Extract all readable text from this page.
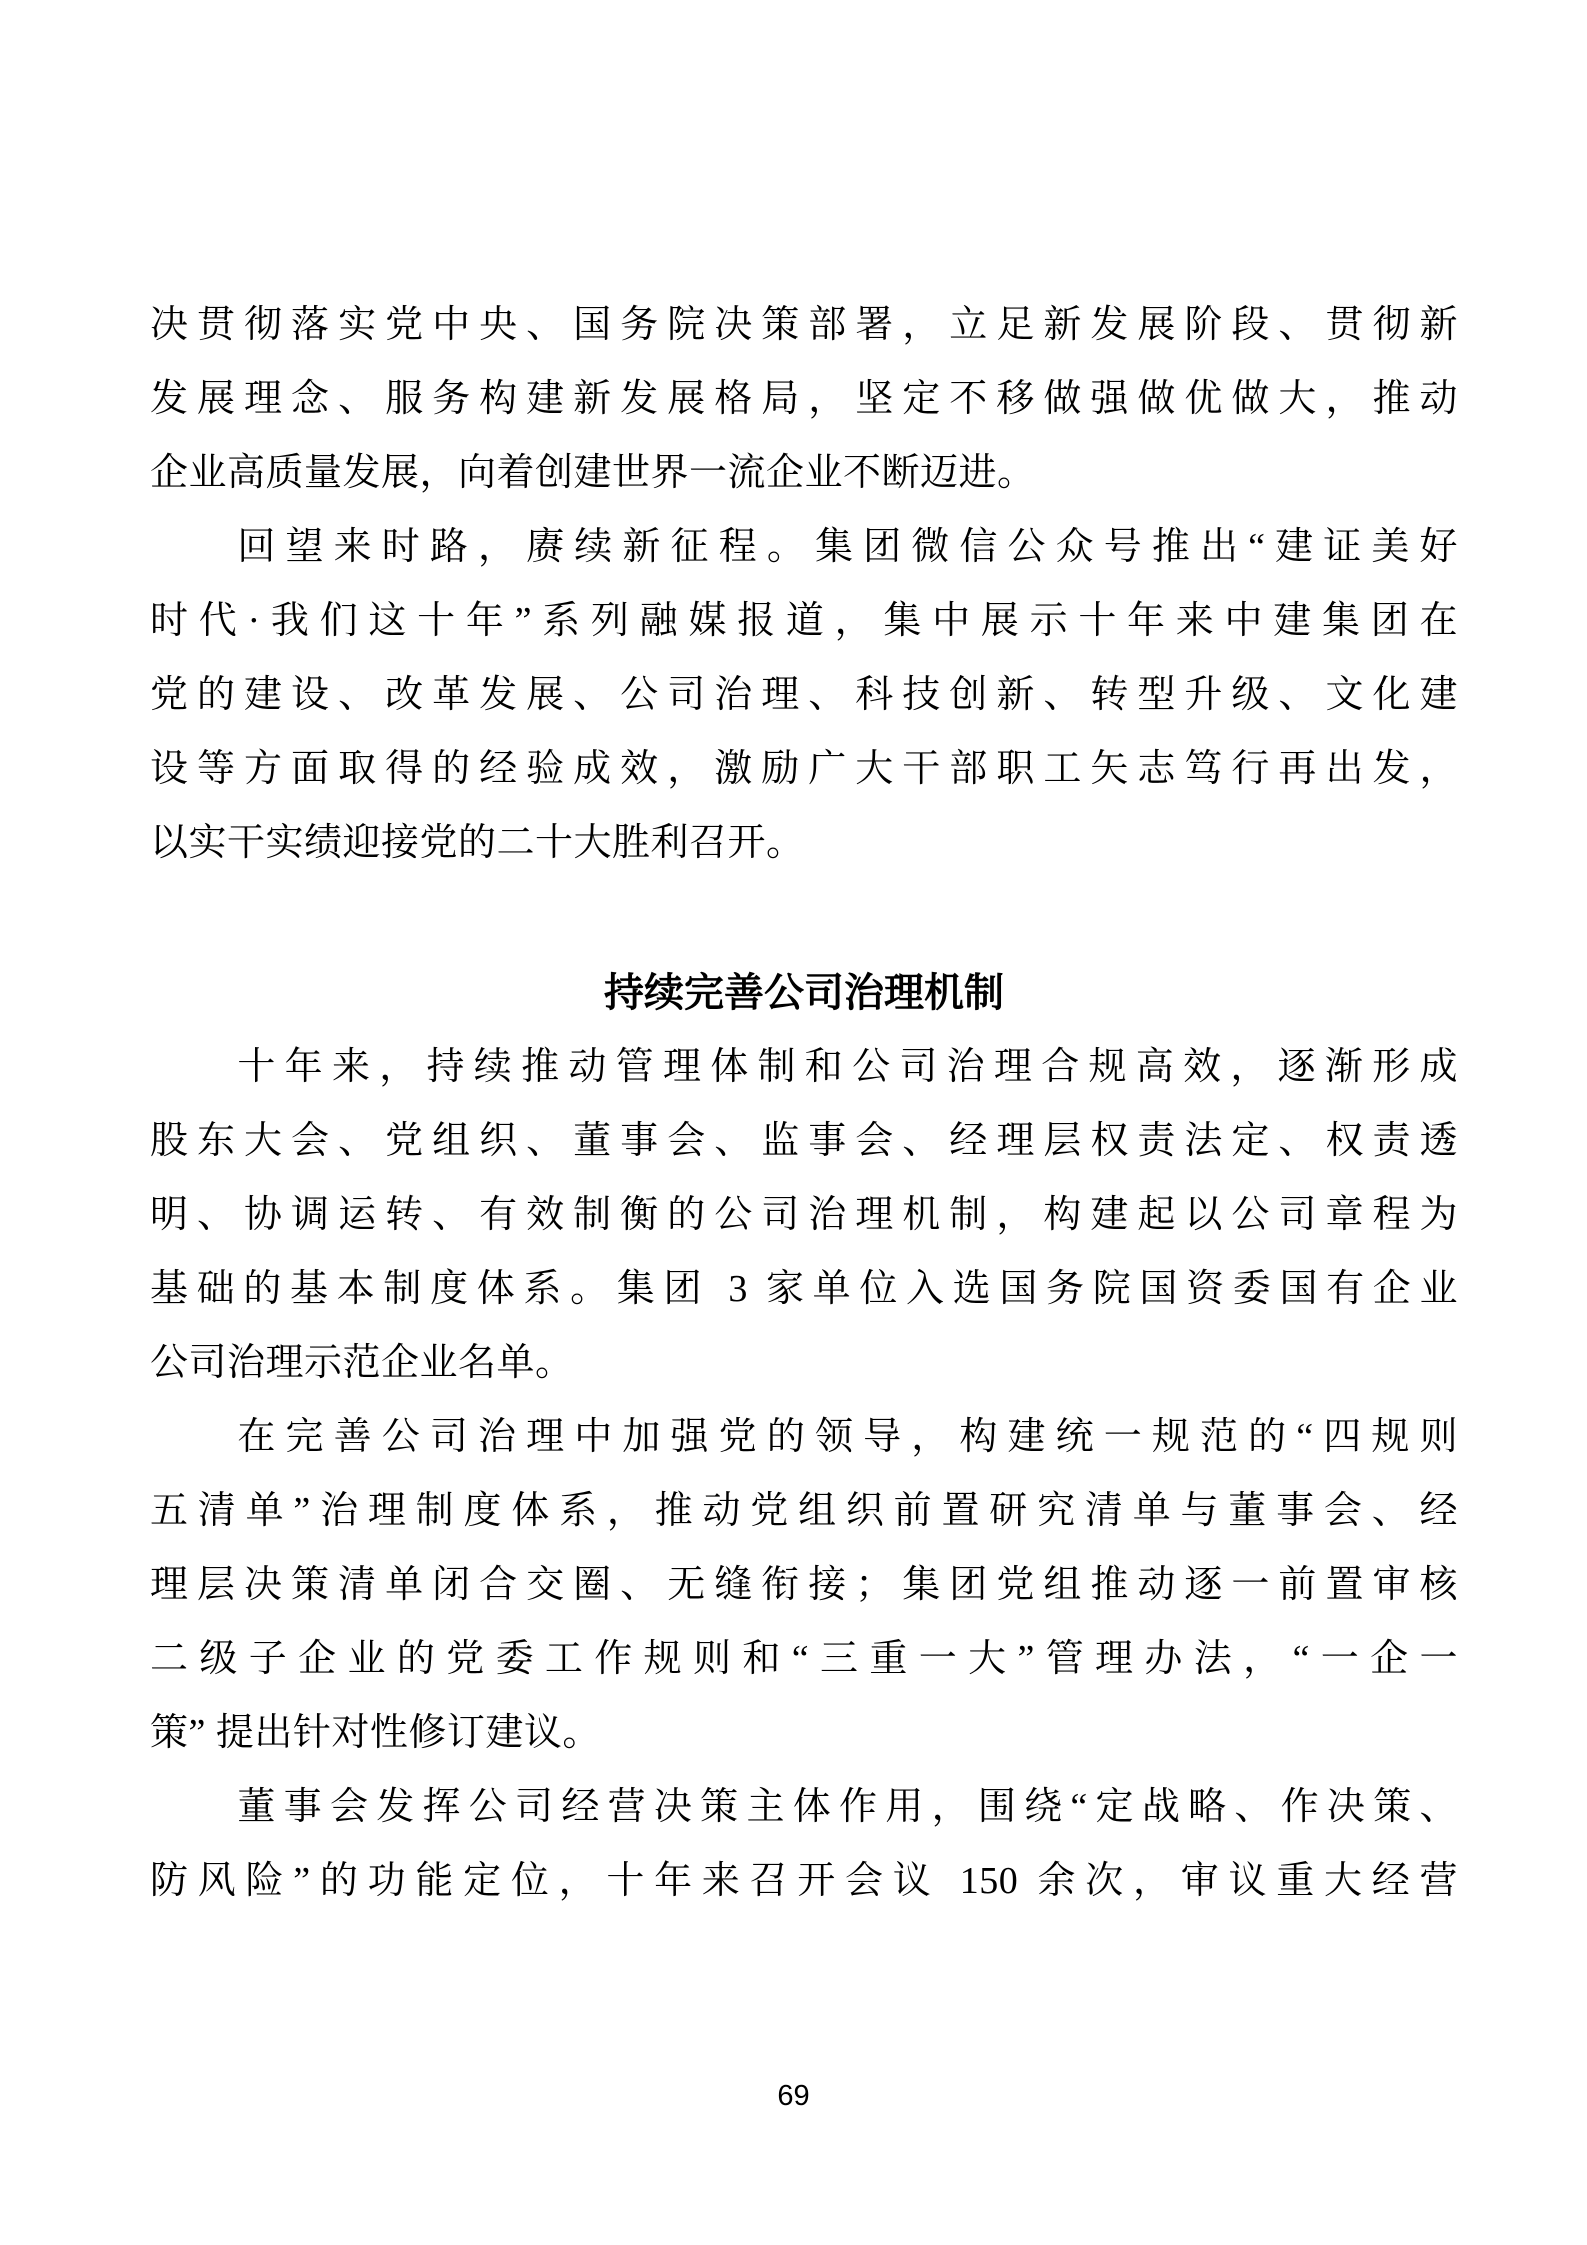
决贯彻落实党中央、国务院决策部署，立足新发展阶段、贯彻新
发展理念、服务构建新发展格局，坚定不移做强做优做大，推动
企业高质量发展，向着创建世界一流企业不断迈进。
回望来时路，赓续新征程。集团微信公众号推出“建证美好
时代·我们这十年”系列融媒报道，集中展示十年来中建集团在
党的建设、改革发展、公司治理、科技创新、转型升级、文化建
设等方面取得的经验成效，激励广大干部职工矢志笃行再出发，
以实干实绩迎接党的二十大胜利召开。
持续完善公司治理机制
十年来，持续推动管理体制和公司治理合规高效，逐渐形成
股东大会、党组织、董事会、监事会、经理层权责法定、权责透
明、协调运转、有效制衡的公司治理机制，构建起以公司章程为
基础的基本制度体系。集团 3 家单位入选国务院国资委国有企业
公司治理示范企业名单。
在完善公司治理中加强党的领导，构建统一规范的“四规则
五清单”治理制度体系，推动党组织前置研究清单与董事会、经
理层决策清单闭合交圈、无缝衔接；集团党组推动逐一前置审核
二级子企业的党委工作规则和“三重一大”管理办法，“一企一
策” 提出针对性修订建议。
董事会发挥公司经营决策主体作用，围绕“定战略、作决策、
防风险”的功能定位，十年来召开会议 150 余次，审议重大经营
69
